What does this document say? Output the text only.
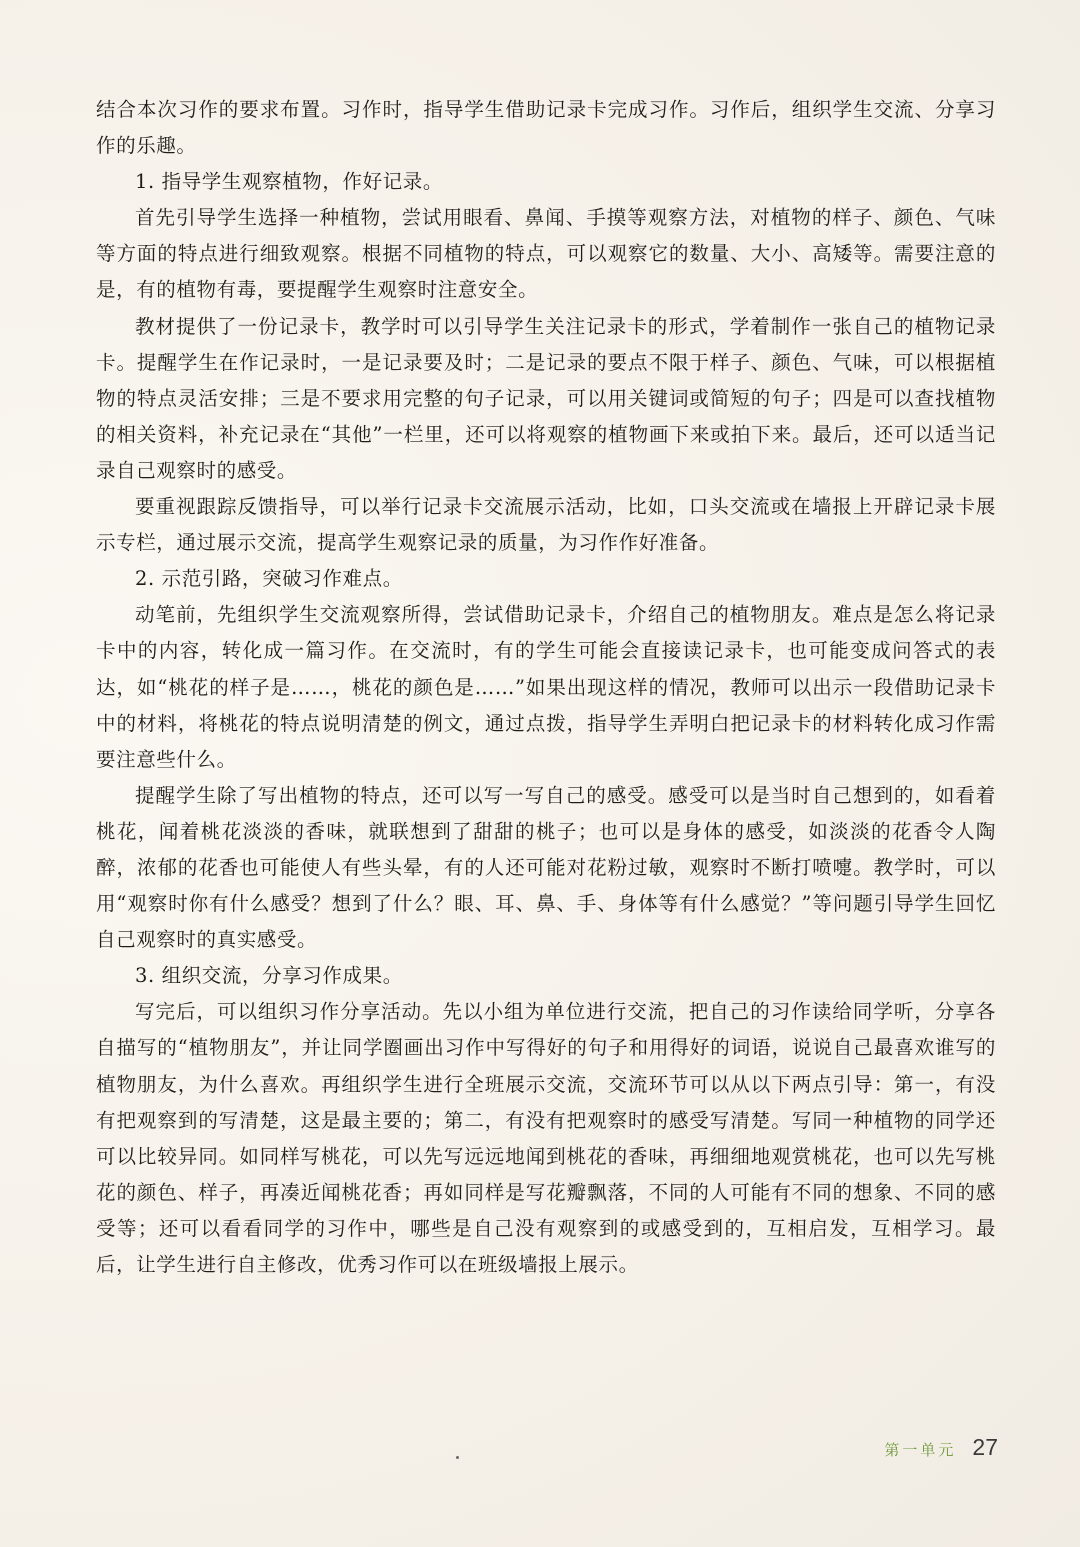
结合本次习作的要求布置。习作时，指导学生借助记录卡完成习作。习作后，组织学生交流、分享习作的乐趣。

1. 指导学生观察植物，作好记录。

首先引导学生选择一种植物，尝试用眼看、鼻闻、手摸等观察方法，对植物的样子、颜色、气味等方面的特点进行细致观察。根据不同植物的特点，可以观察它的数量、大小、高矮等。需要注意的是，有的植物有毒，要提醒学生观察时注意安全。

教材提供了一份记录卡，教学时可以引导学生关注记录卡的形式，学着制作一张自己的植物记录卡。提醒学生在作记录时，一是记录要及时；二是记录的要点不限于样子、颜色、气味，可以根据植物的特点灵活安排；三是不要求用完整的句子记录，可以用关键词或简短的句子；四是可以查找植物的相关资料，补充记录在“其他”一栏里，还可以将观察的植物画下来或拍下来。最后，还可以适当记录自己观察时的感受。

要重视跟踪反馈指导，可以举行记录卡交流展示活动，比如，口头交流或在墙报上开辟记录卡展示专栏，通过展示交流，提高学生观察记录的质量，为习作作好准备。

2. 示范引路，突破习作难点。

动笔前，先组织学生交流观察所得，尝试借助记录卡，介绍自己的植物朋友。难点是怎么将记录卡中的内容，转化成一篇习作。在交流时，有的学生可能会直接读记录卡，也可能变成问答式的表达，如“桃花的样子是……，桃花的颜色是……”如果出现这样的情况，教师可以出示一段借助记录卡中的材料，将桃花的特点说明清楚的例文，通过点拨，指导学生弄明白把记录卡的材料转化成习作需要注意些什么。

提醒学生除了写出植物的特点，还可以写一写自己的感受。感受可以是当时自己想到的，如看着桃花，闻着桃花淡淡的香味，就联想到了甜甜的桃子；也可以是身体的感受，如淡淡的花香令人陶醉，浓郁的花香也可能使人有些头晕，有的人还可能对花粉过敏，观察时不断打喷嚏。教学时，可以用“观察时你有什么感受？想到了什么？眼、耳、鼻、手、身体等有什么感觉？”等问题引导学生回忆自己观察时的真实感受。

3. 组织交流，分享习作成果。

写完后，可以组织习作分享活动。先以小组为单位进行交流，把自己的习作读给同学听，分享各自描写的“植物朋友”，并让同学圈画出习作中写得好的句子和用得好的词语，说说自己最喜欢谁写的植物朋友，为什么喜欢。再组织学生进行全班展示交流，交流环节可以从以下两点引导：第一，有没有把观察到的写清楚，这是最主要的；第二，有没有把观察时的感受写清楚。写同一种植物的同学还可以比较异同。如同样写桃花，可以先写远远地闻到桃花的香味，再细细地观赏桃花，也可以先写桃花的颜色、样子，再凑近闻桃花香；再如同样是写花瓣飘落，不同的人可能有不同的想象、不同的感受等；还可以看看同学的习作中，哪些是自己没有观察到的或感受到的，互相启发，互相学习。最后，让学生进行自主修改，优秀习作可以在班级墙报上展示。

第一单元 27
